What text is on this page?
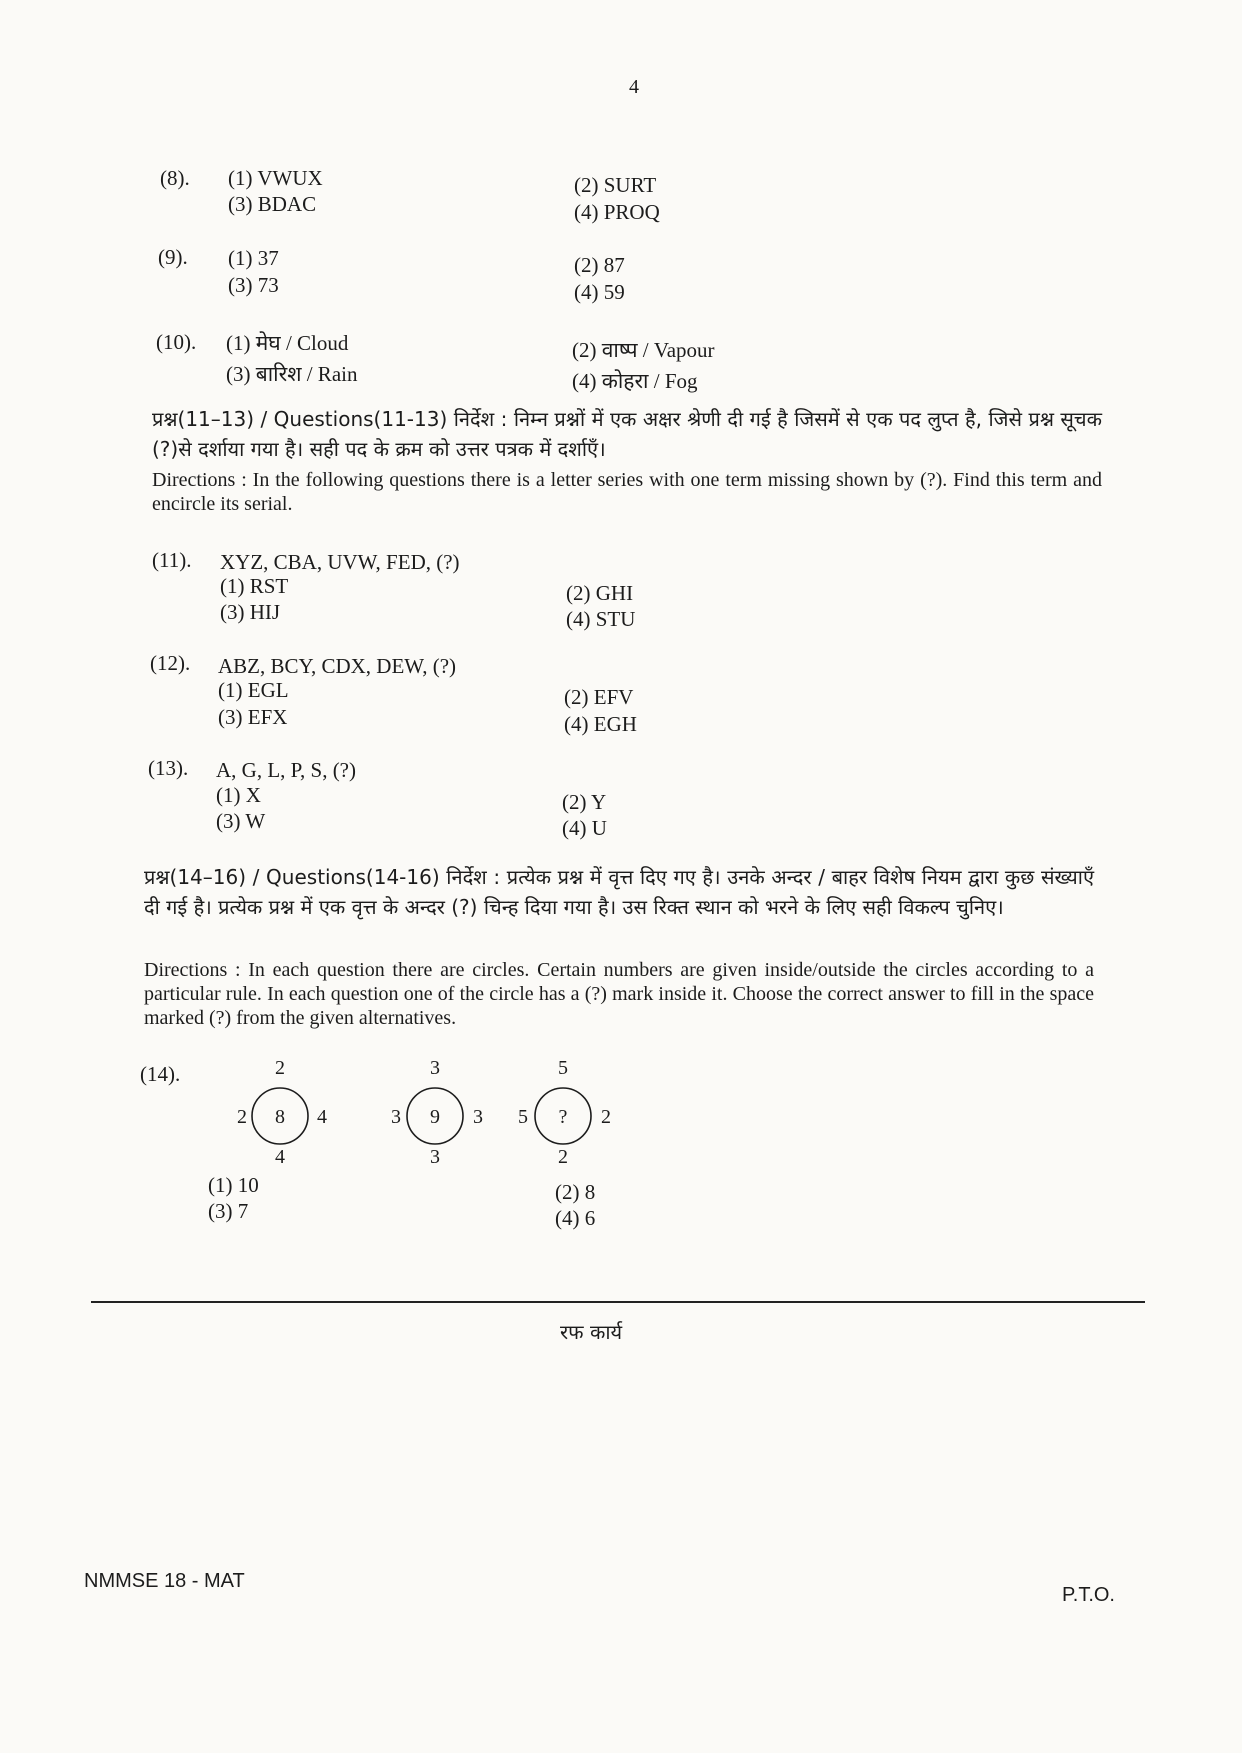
4
(8). (1) VWUX
(3) BDAC
(2) SURT
(4) PROQ
(9). (1) 37
(3) 73
(2) 87
(4) 59
(10). (1) मेघ / Cloud
(3) बारिश / Rain
(2) वाष्प / Vapour
(4) कोहरा / Fog
प्रश्न(11–13) / Questions(11-13) निर्देश : निम्न प्रश्नों में एक अक्षर श्रेणी दी गई है जिसमें से एक पद लुप्त है, जिसे प्रश्न सूचक (?)से दर्शाया गया है। सही पद के क्रम को उत्तर पत्रक में दर्शाएँ।
Directions : In the following questions there is a letter series with one term missing shown by (?). Find this term and encircle its serial.
(11). XYZ, CBA, UVW, FED, (?)
(1) RST
(3) HIJ
(2) GHI
(4) STU
(12). ABZ, BCY, CDX, DEW, (?)
(1) EGL
(3) EFX
(2) EFV
(4) EGH
(13). A, G, L, P, S, (?)
(1) X
(3) W
(2) Y
(4) U
प्रश्न(14–16) / Questions(14-16) निर्देश : प्रत्येक प्रश्न में वृत्त दिए गए है। उनके अन्दर / बाहर विशेष नियम द्वारा कुछ संख्याएँ दी गई है। प्रत्येक प्रश्न में एक वृत्त के अन्दर (?) चिन्ह दिया गया है। उस रिक्त स्थान को भरने के लिए सही विकल्प चुनिए।
Directions : In each question there are circles. Certain numbers are given inside/outside the circles according to a particular rule. In each question one of the circle has a (?) mark inside it. Choose the correct answer to fill in the space marked (?) from the given alternatives.
(14).	2
2 8 4
4
3
3 9 3
3
5
5 ? 2
2
(1) 10
(3) 7
(2) 8
(4) 6
रफ कार्य
NMMSE 18 - MAT
P.T.O.
